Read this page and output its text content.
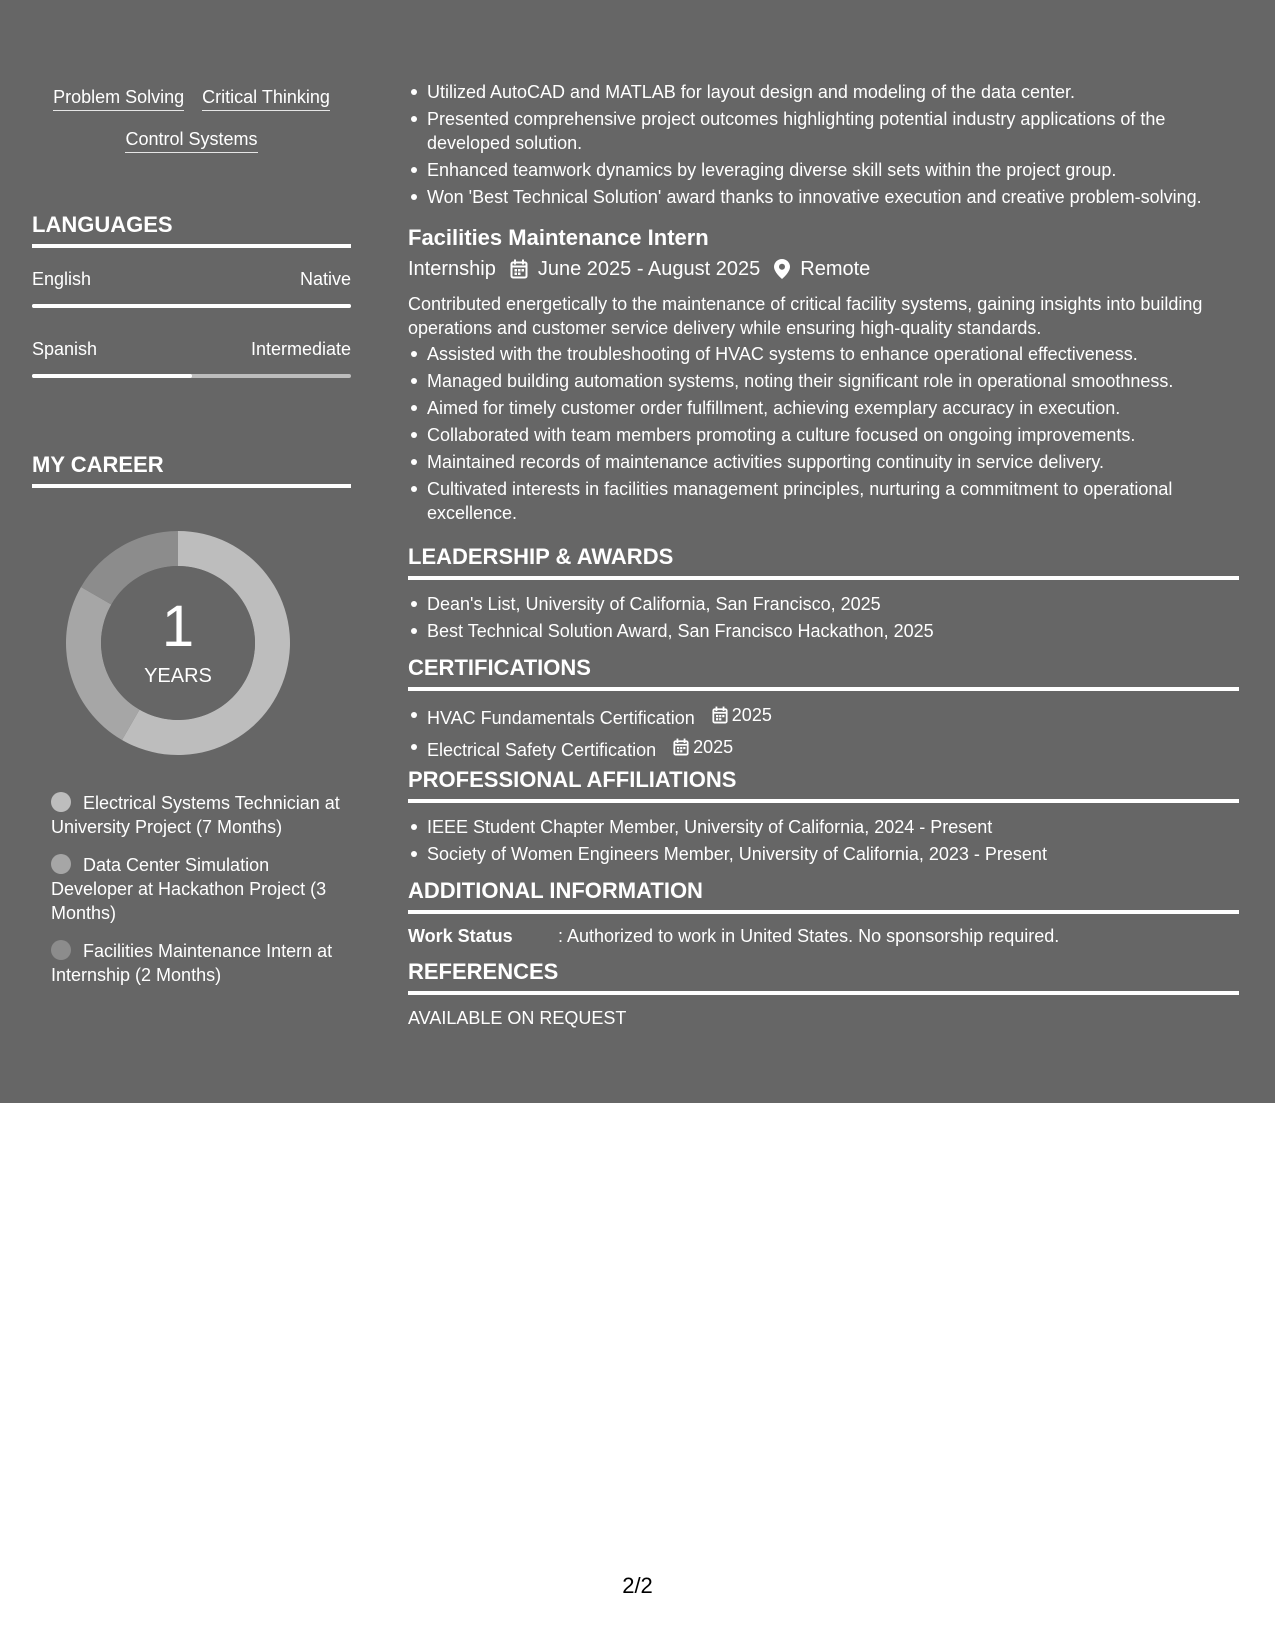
Problem Solving Critical Thinking
Control Systems
LANGUAGES
English	Native
Spanish	Intermediate
MY CAREER
1
YEARS
Electrical Systems Technician at University Project (7 Months)
Data Center Simulation Developer at Hackathon Project (3 Months)
Facilities Maintenance Intern at Internship (2 Months)
Utilized AutoCAD and MATLAB for layout design and modeling of the data center.
Presented comprehensive project outcomes highlighting potential industry applications of the developed solution.
Enhanced teamwork dynamics by leveraging diverse skill sets within the project group.
Won 'Best Technical Solution' award thanks to innovative execution and creative problem-solving.
Facilities Maintenance Intern
Internship June 2025 - August 2025 Remote
Contributed energetically to the maintenance of critical facility systems, gaining insights into building operations and customer service delivery while ensuring high-quality standards.
Assisted with the troubleshooting of HVAC systems to enhance operational effectiveness.
Managed building automation systems, noting their significant role in operational smoothness.
Aimed for timely customer order fulfillment, achieving exemplary accuracy in execution.
Collaborated with team members promoting a culture focused on ongoing improvements.
Maintained records of maintenance activities supporting continuity in service delivery.
Cultivated interests in facilities management principles, nurturing a commitment to operational excellence.
LEADERSHIP & AWARDS
Dean's List, University of California, San Francisco, 2025
Best Technical Solution Award, San Francisco Hackathon, 2025
CERTIFICATIONS
HVAC Fundamentals Certification 2025
Electrical Safety Certification 2025
PROFESSIONAL AFFILIATIONS
IEEE Student Chapter Member, University of California, 2024 - Present
Society of Women Engineers Member, University of California, 2023 - Present
ADDITIONAL INFORMATION
Work Status	: Authorized to work in United States. No sponsorship required.
REFERENCES
AVAILABLE ON REQUEST
2/2
